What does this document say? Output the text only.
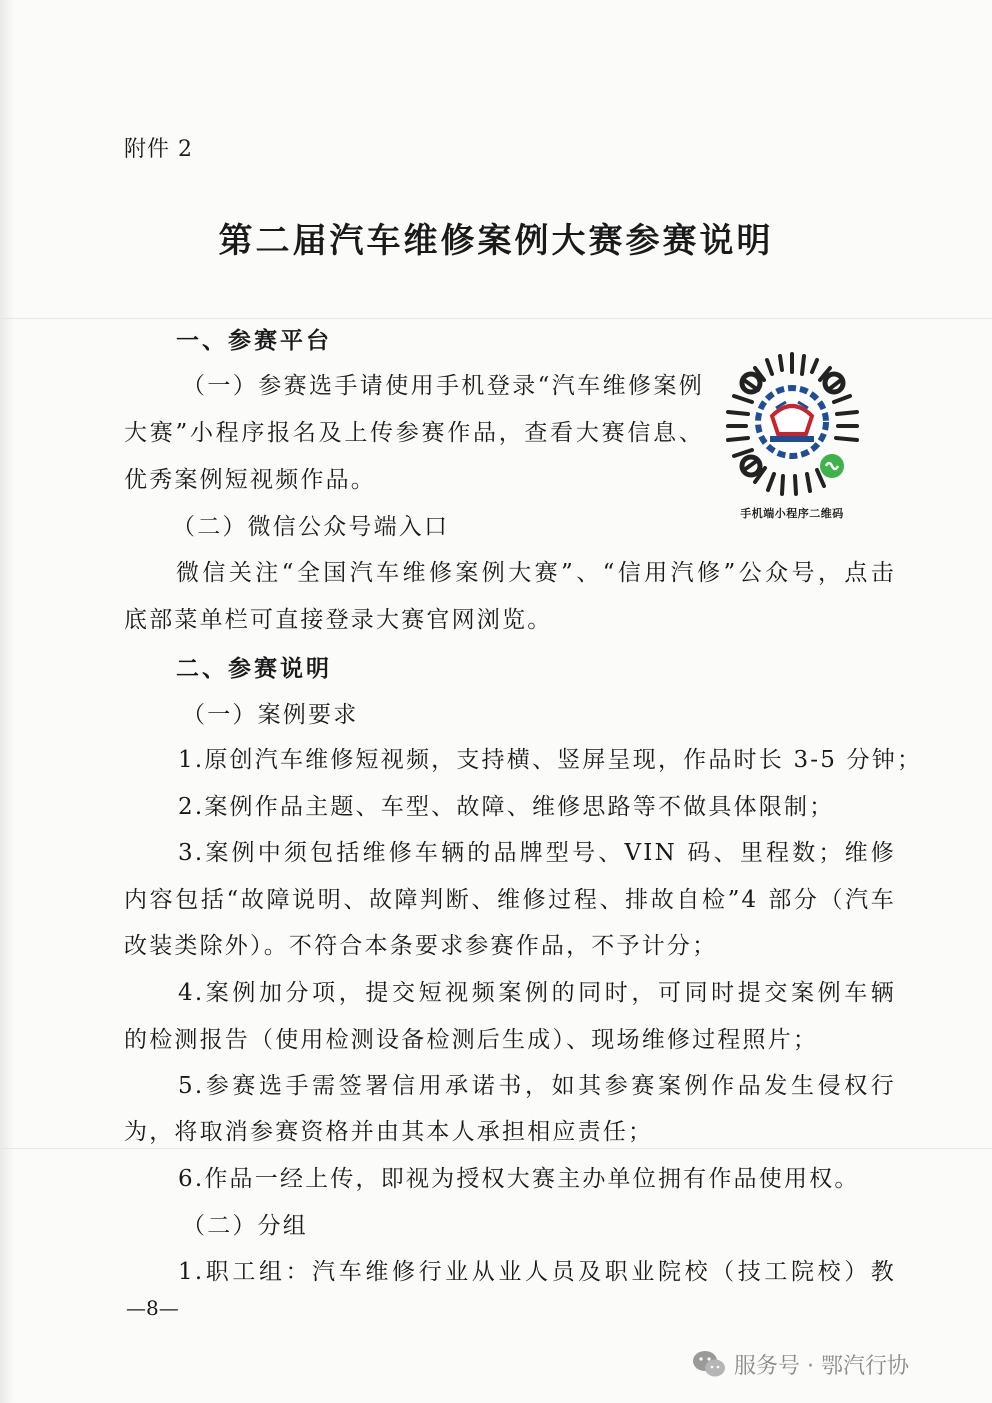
附件 2
第二届汽车维修案例大赛参赛说明
一、参赛平台
（一）参赛选手请使用手机登录“汽车维修案例
大赛”小程序报名及上传参赛作品，查看大赛信息、
优秀案例短视频作品。
（二）微信公众号端入口
微信关注“全国汽车维修案例大赛”、“信用汽修”公众号，点击
底部菜单栏可直接登录大赛官网浏览。
手机端小程序二维码
二、参赛说明
（一）案例要求
1.原创汽车维修短视频，支持横、竖屏呈现，作品时长 3-5 分钟；
2.案例作品主题、车型、故障、维修思路等不做具体限制；
3.案例中须包括维修车辆的品牌型号、VIN 码、里程数；维修
内容包括“故障说明、故障判断、维修过程、排故自检”4 部分（汽车
改装类除外）。不符合本条要求参赛作品，不予计分；
4.案例加分项，提交短视频案例的同时，可同时提交案例车辆
的检测报告（使用检测设备检测后生成）、现场维修过程照片；
5.参赛选手需签署信用承诺书，如其参赛案例作品发生侵权行
为，将取消参赛资格并由其本人承担相应责任；
6.作品一经上传，即视为授权大赛主办单位拥有作品使用权。
（二）分组
1.职工组：汽车维修行业从业人员及职业院校（技工院校）教
—8—
服务号 · 鄂汽行协
